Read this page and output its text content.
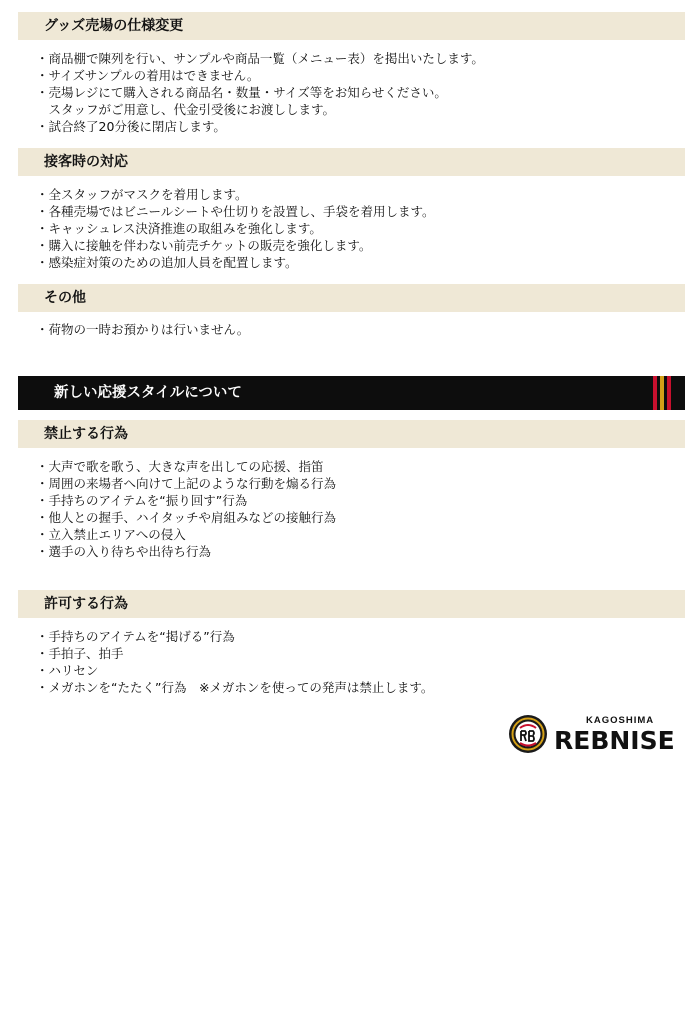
グッズ売場の仕様変更
・商品棚で陳列を行い、サンプルや商品一覧（メニュー表）を掲出いたします。
・サイズサンプルの着用はできません。
・売場レジにて購入される商品名・数量・サイズ等をお知らせください。
　スタッフがご用意し、代金引受後にお渡しします。
・試合終了20分後に閉店します。
接客時の対応
・全スタッフがマスクを着用します。
・各種売場ではビニールシートや仕切りを設置し、手袋を着用します。
・キャッシュレス決済推進の取組みを強化します。
・購入に接触を伴わない前売チケットの販売を強化します。
・感染症対策のための追加人員を配置します。
その他
・荷物の一時お預かりは行いません。
新しい応援スタイルについて
禁止する行為
・大声で歌を歌う、大きな声を出しての応援、指笛
・周囲の来場者へ向けて上記のような行動を煽る行為
・手持ちのアイテムを“振り回す”行為
・他人との握手、ハイタッチや肩組みなどの接触行為
・立入禁止エリアへの侵入
・選手の入り待ちや出待ち行為
許可する行為
・手持ちのアイテムを“掲げる”行為
・手拍子、拍手
・ハリセン
・メガホンを“たたく”行為　※メガホンを使っての発声は禁止します。
KAGOSHIMA
REBNISE
